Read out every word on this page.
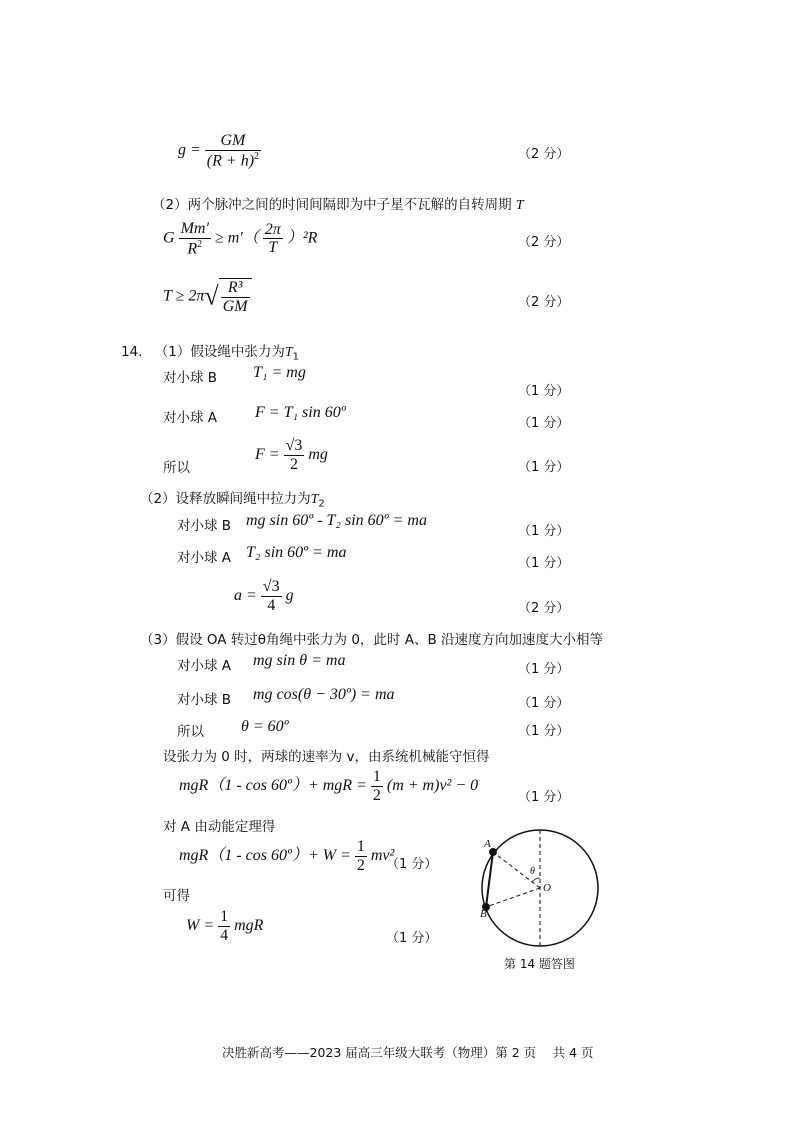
$g = \frac{GM}{(R + h)^2}$	（2 分）
（2）两个脉冲之间的时间间隔即为中子星不瓦解的自转周期 T
G $\frac{Mm'}{R^2} \ge m'( \frac{2\pi}{T} )^2R$	（2 分）
$T \ge 2\pi√ \frac{\text{R³}}{GM}$	（2 分）
14. （1）假设绳中张力为$T_1$
对小球 B T₁ = mg
（1 分）
对小球 A F = T₁ sin 60º
（1 分）
所以
$F = \frac{√3}{2}$ mg
（1 分）
（2）设释放瞬间绳中拉力为$T_2$
对小球 B mg sin 60º - T₂ sin 60º = ma
（1 分）
对小球 A T₂ sin 60º = ma
（1 分）
$a = \frac{√3}{4}$ g
（2 分）
（3）假设 OA 转过θ角绳中张力为 0，此时 A、B 沿速度方向加速度大小相等
对小球 A mg sin θ = ma
（1 分）
对小球 B mg cos(θ − 30º) = ma
（1 分）
所以 θ = 60º	（1 分）
设张力为 0 时，两球的速率为 v，由系统机械能守恒得
mgR（1 - cos 60º）+ mgR = $\frac{1}{2} (m + m)v^2 - 0$
（1 分）
对 A 由动能定理得
mgR（1 - cos 60º）+ $W = \frac{1}{2} mv^2$
（1 分）
可得
$W = \frac{1}{4}$ mgR
（1 分）
A
B
O
θ
第 14 题答图
决胜新高考——2023 届高三年级大联考（物理）第 2 页　 共 4 页
